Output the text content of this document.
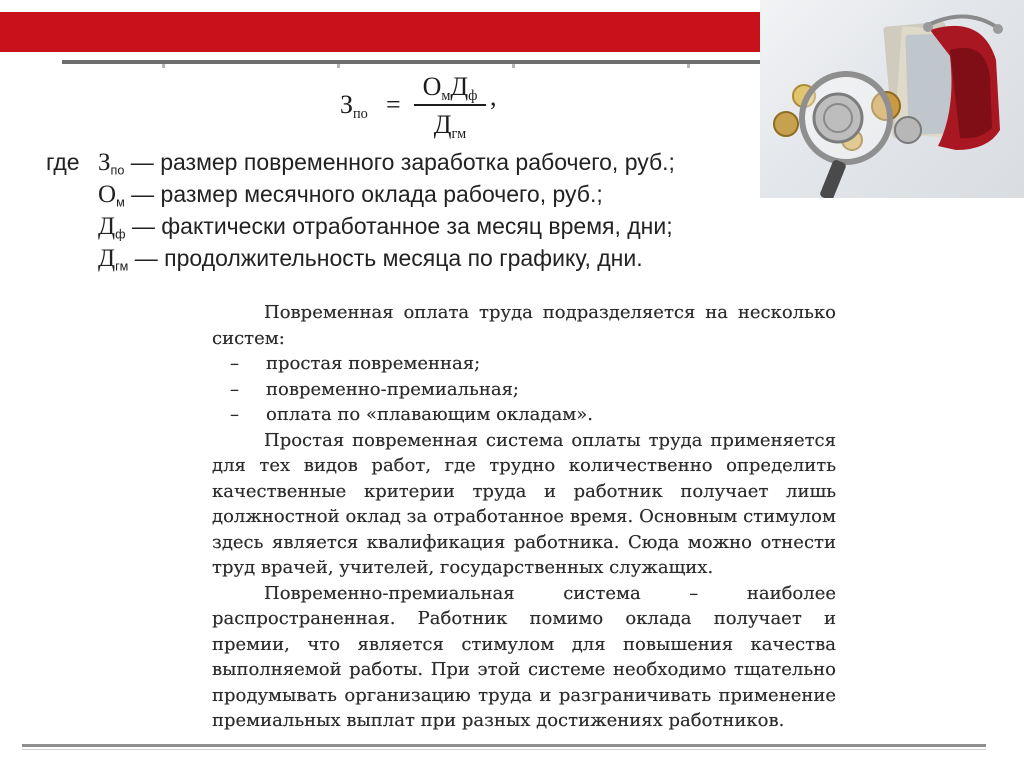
$З_{по}$ =
$О_мД_ф$
$Д_{гм}$
,
где $З_{по}$ — размер повременного заработка рабочего, руб.;
$О_м$ — размер месячного оклада рабочего, руб.;
$Д_ф$ — фактически отработанное за месяц время, дни;
$Д_{гм}$ — продолжительность месяца по графику, дни.

Повременная оплата труда подразделяется на несколько систем:

– простая повременная;
– повременно-премиальная;
– оплата по «плавающим окладам».

Простая повременная система оплаты труда применяется для тех видов работ, где трудно количественно определить качественные критерии труда и работник получает лишь должностной оклад за отработанное время. Основным стимулом здесь является квалификация работника. Сюда можно отнести труд врачей, учителей, государственных служащих.

Повременно-премиальная система – наиболее распространенная. Работник помимо оклада получает и премии, что является стимулом для повышения качества выполняемой работы. При этой системе необходимо тщательно продумывать организацию труда и разграничивать применение премиальных выплат при разных достижениях работников.
